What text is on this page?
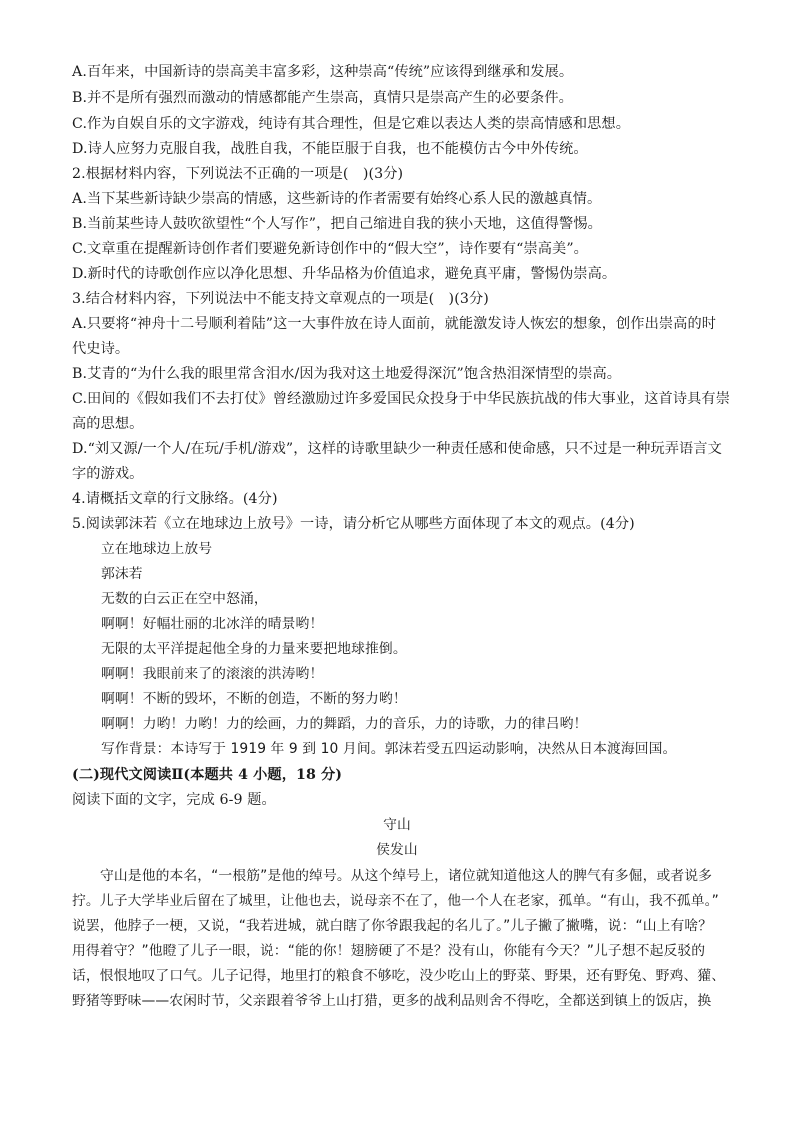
A.百年来，中国新诗的崇高美丰富多彩，这种崇高“传统”应该得到继承和发展。
B.并不是所有强烈而激动的情感都能产生崇高，真情只是崇高产生的必要条件。
C.作为自娱自乐的文字游戏，纯诗有其合理性，但是它难以表达人类的崇高情感和思想。
D.诗人应努力克服自我，战胜自我，不能臣服于自我，也不能模仿古今中外传统。
2.根据材料内容，下列说法不正确的一项是(　)(3分)
A.当下某些新诗缺少崇高的情感，这些新诗的作者需要有始终心系人民的激越真情。
B.当前某些诗人鼓吹欲望性“个人写作”，把自己缩进自我的狭小天地，这值得警惕。
C.文章重在提醒新诗创作者们要避免新诗创作中的“假大空”，诗作要有“崇高美”。
D.新时代的诗歌创作应以净化思想、升华品格为价值追求，避免真平庸，警惕伪崇高。
3.结合材料内容，下列说法中不能支持文章观点的一项是(　)(3分)
A.只要将“神舟十二号顺利着陆”这一大事件放在诗人面前，就能激发诗人恢宏的想象，创作出崇高的时
代史诗。
B.艾青的“为什么我的眼里常含泪水/因为我对这土地爱得深沉”饱含热泪深情型的崇高。
C.田间的《假如我们不去打仗》曾经激励过许多爱国民众投身于中华民族抗战的伟大事业，这首诗具有崇
高的思想。
D.“刘又源/一个人/在玩/手机/游戏”，这样的诗歌里缺少一种责任感和使命感，只不过是一种玩弄语言文
字的游戏。
4.请概括文章的行文脉络。(4分)
5.阅读郭沫若《立在地球边上放号》一诗，请分析它从哪些方面体现了本文的观点。(4分)
立在地球边上放号
郭沫若
无数的白云正在空中怒涌，
啊啊！好幅壮丽的北冰洋的晴景哟！
无限的太平洋提起他全身的力量来要把地球推倒。
啊啊！我眼前来了的滚滚的洪涛哟！
啊啊！不断的毁坏，不断的创造，不断的努力哟！
啊啊！力哟！力哟！力的绘画，力的舞蹈，力的音乐，力的诗歌，力的律吕哟！
写作背景：本诗写于 1919 年 9 到 10 月间。郭沫若受五四运动影响，决然从日本渡海回国。
(二)现代文阅读Ⅱ(本题共 4 小题，18 分)
阅读下面的文字，完成 6-9 题。
守山
侯发山
守山是他的本名，“一根筋”是他的绰号。从这个绰号上，诸位就知道他这人的脾气有多倔，或者说多
拧。儿子大学毕业后留在了城里，让他也去，说母亲不在了，他一个人在老家，孤单。“有山，我不孤单。”
说罢，他脖子一梗，又说，“我若进城，就白瞎了你爷跟我起的名儿了。”儿子撇了撇嘴，说：“山上有啥？
用得着守？”他瞪了儿子一眼，说：“能的你！翅膀硬了不是？没有山，你能有今天？”儿子想不起反驳的
话，恨恨地叹了口气。儿子记得，地里打的粮食不够吃，没少吃山上的野菜、野果，还有野兔、野鸡、獾、
野猪等野味——农闲时节，父亲跟着爷爷上山打猎，更多的战利品则舍不得吃，全都送到镇上的饭店，换
